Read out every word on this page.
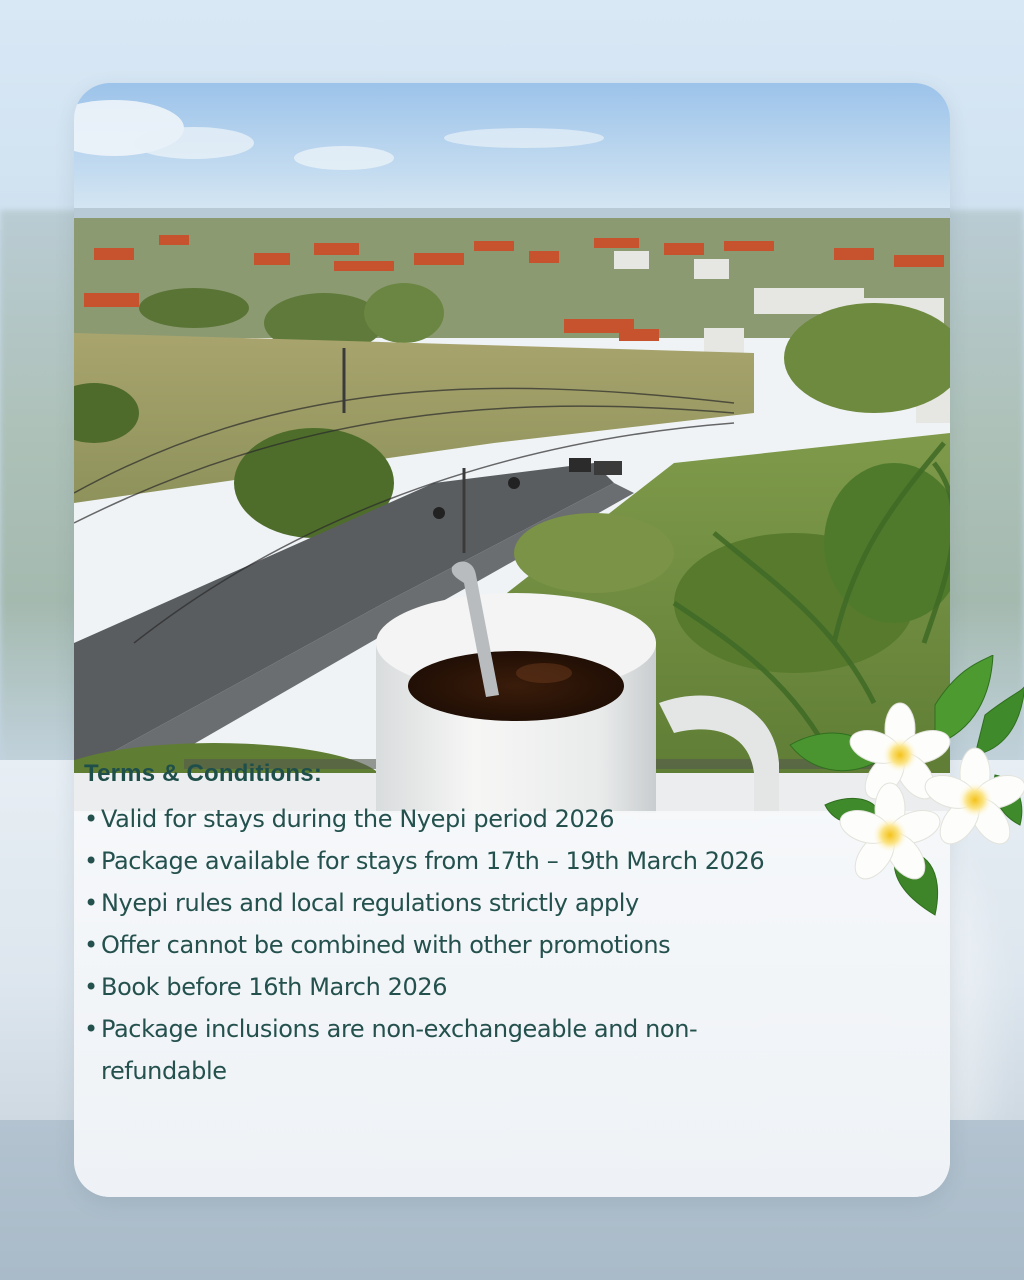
Terms & Conditions:
• Valid for stays during the Nyepi period 2026
• Package available for stays from 17th – 19th March 2026
• Nyepi rules and local regulations strictly apply
• Offer cannot be combined with other promotions
• Book before 16th March 2026
• Package inclusions are non-exchangeable and non-refundable
